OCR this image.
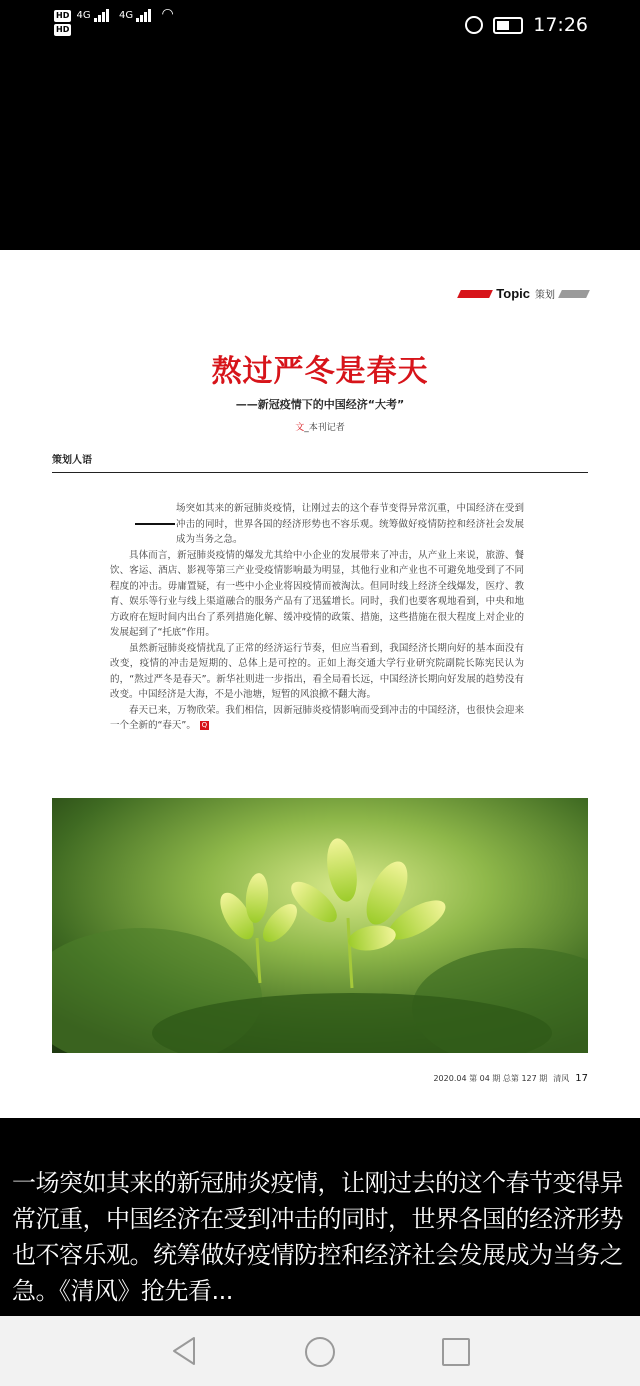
HD 4G	4G ◠
HD	17:26
Topic 策划
熬过严冬是春天
——新冠疫情下的中国经济“大考”
文_本刊记者
策划人语

场突如其来的新冠肺炎疫情，让刚过去的这个春节变得异常沉重，中国经济在受到冲击的同时，世界各国的经济形势也不容乐观。统筹做好疫情防控和经济社会发展成为当务之急。

具体而言，新冠肺炎疫情的爆发尤其给中小企业的发展带来了冲击，从产业上来说，旅游、餐饮、客运、酒店、影视等第三产业受疫情影响最为明显，其他行业和产业也不可避免地受到了不同程度的冲击。毋庸置疑，有一些中小企业将因疫情而被淘汰。但同时线上经济全线爆发，医疗、教育、娱乐等行业与线上渠道融合的服务产品有了迅猛增长。同时，我们也要客观地看到，中央和地方政府在短时间内出台了系列措施化解、缓冲疫情的政策、措施，这些措施在很大程度上对企业的发展起到了“托底”作用。

虽然新冠肺炎疫情扰乱了正常的经济运行节奏，但应当看到，我国经济长期向好的基本面没有改变，疫情的冲击是短期的、总体上是可控的。正如上海交通大学行业研究院副院长陈宪民认为的，“熬过严冬是春天”。新华社则进一步指出，看全局看长远，中国经济长期向好发展的趋势没有改变。中国经济是大海，不是小池塘，短暂的风浪掀不翻大海。

春天已来，万物欣荣。我们相信，因新冠肺炎疫情影响而受到冲击的中国经济，也很快会迎来一个全新的“春天”。 Q

2020.04 第 04 期 总第 127 期 清风 17
一场突如其来的新冠肺炎疫情，让刚过去的这个春节变得异常沉重，中国经济在受到冲击的同时，世界各国的经济形势也不容乐观。统筹做好疫情防控和经济社会发展成为当务之急。《清风》抢先看...
